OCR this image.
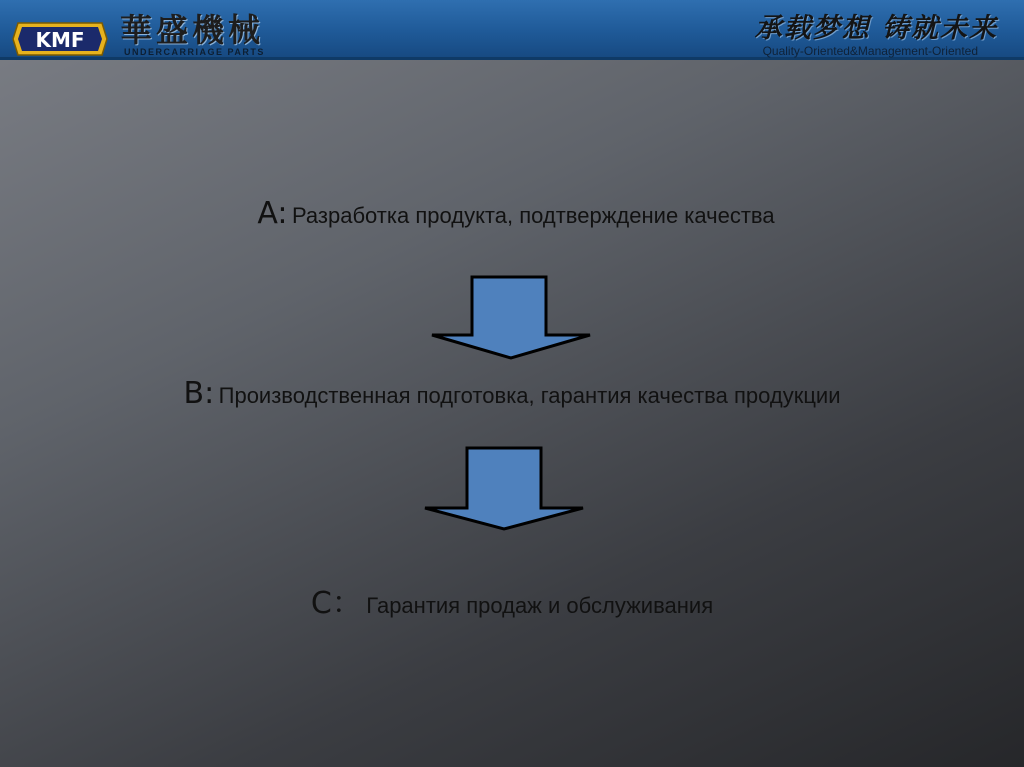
KMF 華盛機械
UNDERCARRIAGE PARTS
承载梦想 铸就未来
Quality-Oriented&Management-Oriented
A: Разработка продукта, подтверждение качества
B: Производственная подготовка, гарантия качества продукции
C： Гарантия продаж и обслуживания
